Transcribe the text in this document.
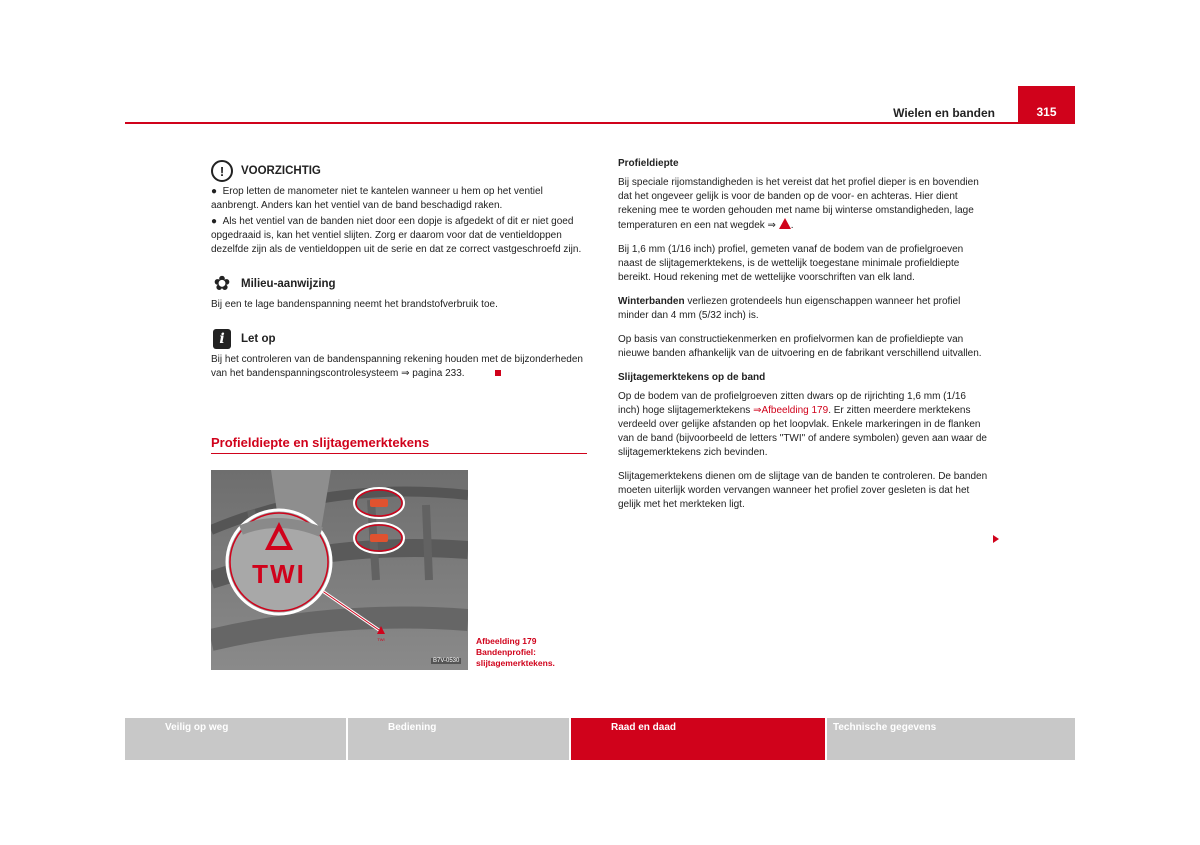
Wielen en banden	315
!	VOORZICHTIG

●  Erop letten de manometer niet te kantelen wanneer u hem op het ventiel aanbrengt. Anders kan het ventiel van de band beschadigd raken.

●  Als het ventiel van de banden niet door een dopje is afgedekt of dit er niet goed opgedraaid is, kan het ventiel slijten. Zorg er daarom voor dat de ventieldoppen dezelfde zijn als de ventieldoppen uit de serie en dat ze correct vastgeschroefd zijn.

✿ Milieu-aanwijzing

Bij een te lage bandenspanning neemt het brandstofverbruik toe.

i	Let op

Bij het controleren van de bandenspanning rekening houden met de bijzonderheden van het bandenspanningscontrolesysteem ⇒ pagina 233.

Profieldiepte en slijtagemerktekens
TWI
TWI
B7V-0530
Afbeelding 179 Bandenprofiel: slijtagemerktekens.

Profieldiepte

Bij speciale rijomstandigheden is het vereist dat het profiel dieper is en bovendien dat het ongeveer gelijk is voor de banden op de voor- en achteras. Hier dient rekening mee te worden gehouden met name bij winterse omstandigheden, lage temperaturen en een nat wegdek ⇒ .

Bij 1,6 mm (1/16 inch) profiel, gemeten vanaf de bodem van de profielgroeven naast de slijtagemerktekens, is de wettelijk toegestane minimale profieldiepte bereikt. Houd rekening met de wettelijke voorschriften van elk land.

Winterbanden verliezen grotendeels hun eigenschappen wanneer het profiel minder dan 4 mm (5/32 inch) is.

Op basis van constructiekenmerken en profielvormen kan de profieldiepte van nieuwe banden afhankelijk van de uitvoering en de fabrikant verschillend uitvallen.

Slijtagemerktekens op de band

Op de bodem van de profielgroeven zitten dwars op de rijrichting 1,6 mm (1/16 inch) hoge slijtagemerktekens ⇒Afbeelding 179. Er zitten meerdere merktekens verdeeld over gelijke afstanden op het loopvlak. Enkele markeringen in de flanken van de band (bijvoorbeeld de letters "TWI" of andere symbolen) geven aan waar de slijtagemerktekens zich bevinden.

Slijtagemerktekens dienen om de slijtage van de banden te controleren. De banden moeten uiterlijk worden vervangen wanneer het profiel zover gesleten is dat het gelijk met het merkteken ligt.

Veilig op weg	Bediening	Raad en daad	Technische gegevens
